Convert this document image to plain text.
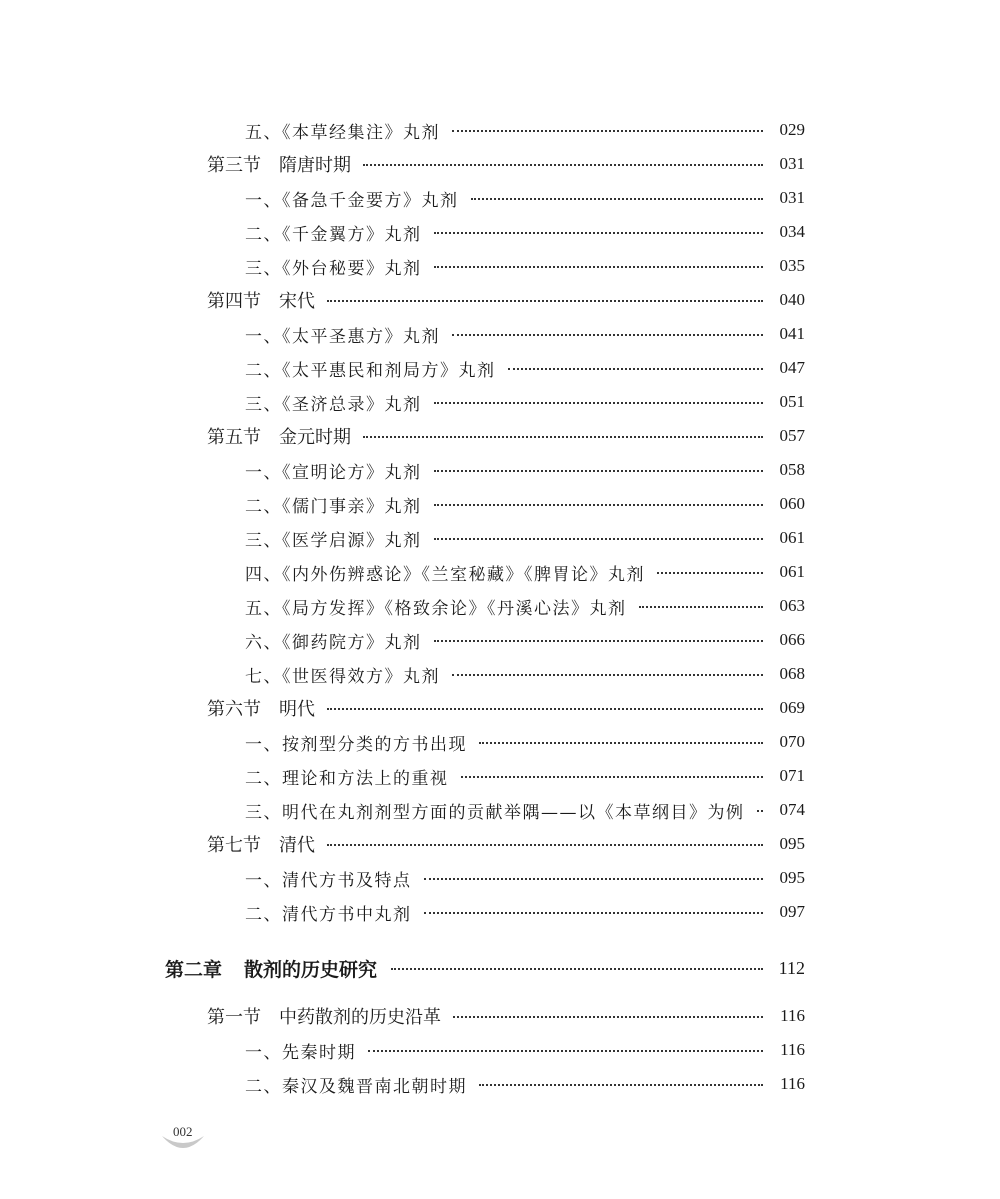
五、《本草经集注》丸剂	029
第三节 隋唐时期	031
一、《备急千金要方》丸剂	031
二、《千金翼方》丸剂	034
三、《外台秘要》丸剂	035
第四节 宋代	040
一、《太平圣惠方》丸剂	041
二、《太平惠民和剂局方》丸剂	047
三、《圣济总录》丸剂	051
第五节 金元时期	057
一、《宣明论方》丸剂	058
二、《儒门事亲》丸剂	060
三、《医学启源》丸剂	061
四、《内外伤辨惑论》《兰室秘藏》《脾胃论》丸剂	061
五、《局方发挥》《格致余论》《丹溪心法》丸剂	063
六、《御药院方》丸剂	066
七、《世医得效方》丸剂	068
第六节 明代	069
一、按剂型分类的方书出现	070
二、理论和方法上的重视	071
三、明代在丸剂剂型方面的贡献举隅——以《本草纲目》为例	074
第七节 清代	095
一、清代方书及特点	095
二、清代方书中丸剂	097
第二章 散剂的历史研究	112
第一节 中药散剂的历史沿革	116
一、先秦时期	116
二、秦汉及魏晋南北朝时期	116
002
